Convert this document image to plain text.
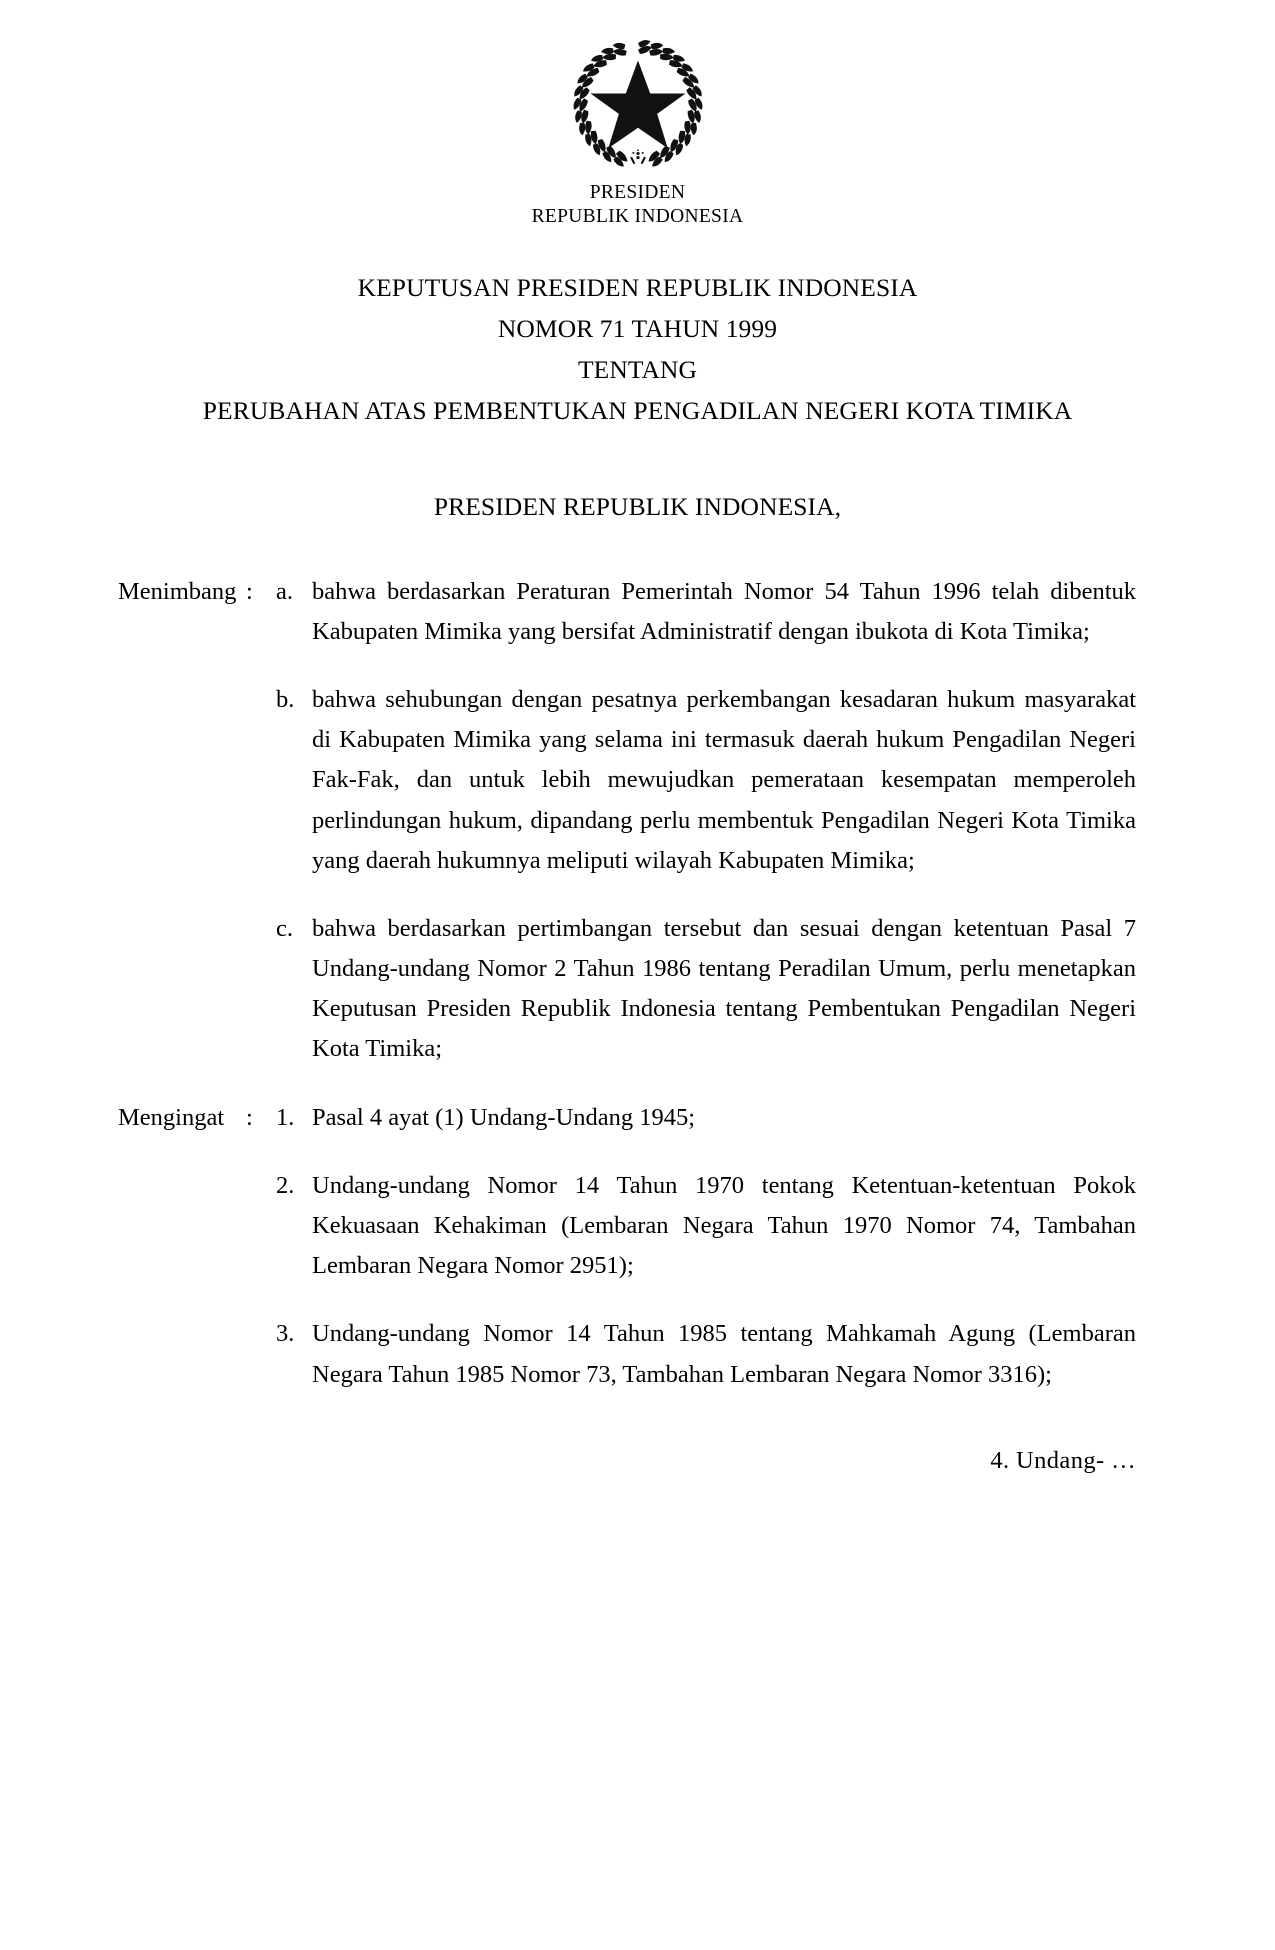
PRESIDEN
REPUBLIK INDONESIA
KEPUTUSAN PRESIDEN REPUBLIK INDONESIA
NOMOR 71 TAHUN 1999
TENTANG
PERUBAHAN ATAS PEMBENTUKAN PENGADILAN NEGERI KOTA TIMIKA
PRESIDEN REPUBLIK INDONESIA,
Menimbang : a. bahwa berdasarkan Peraturan Pemerintah Nomor 54 Tahun 1996 telah dibentuk Kabupaten Mimika yang bersifat Administratif dengan ibukota di Kota Timika;
b. bahwa sehubungan dengan pesatnya perkembangan kesadaran hukum masyarakat di Kabupaten Mimika yang selama ini termasuk daerah hukum Pengadilan Negeri Fak-Fak, dan untuk lebih mewujudkan pemerataan kesempatan memperoleh perlindungan hukum, dipandang perlu membentuk Pengadilan Negeri Kota Timika yang daerah hukumnya meliputi wilayah Kabupaten Mimika;
c. bahwa berdasarkan pertimbangan tersebut dan sesuai dengan ketentuan Pasal 7 Undang-undang Nomor 2 Tahun 1986 tentang Peradilan Umum, perlu menetapkan Keputusan Presiden Republik Indonesia tentang Pembentukan Pengadilan Negeri Kota Timika;
Mengingat : 1. Pasal 4 ayat (1) Undang-Undang 1945;
2. Undang-undang Nomor 14 Tahun 1970 tentang Ketentuan-ketentuan Pokok Kekuasaan Kehakiman (Lembaran Negara Tahun 1970 Nomor 74, Tambahan Lembaran Negara Nomor 2951);
3. Undang-undang Nomor 14 Tahun 1985 tentang Mahkamah Agung (Lembaran Negara Tahun 1985 Nomor 73, Tambahan Lembaran Negara Nomor 3316);
4. Undang- …
